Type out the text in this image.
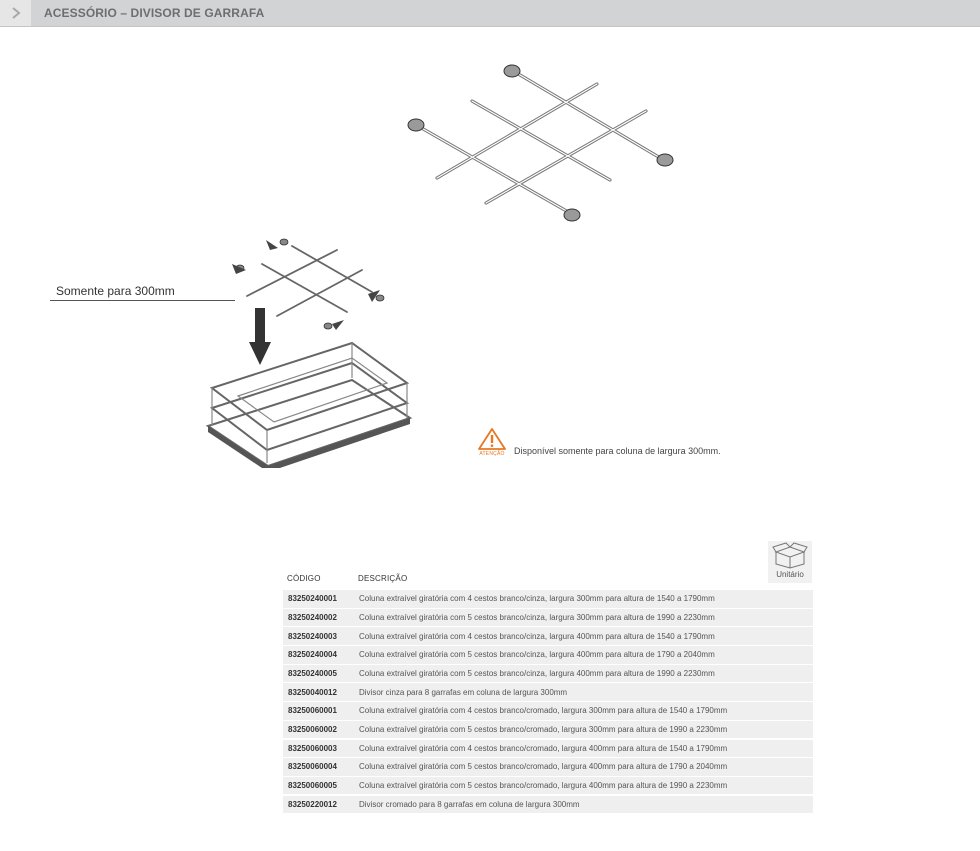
ACESSÓRIO – DIVISOR DE GARRAFA
Somente para 300mm
ATENÇÃO Disponível somente para coluna de largura 300mm.
Unitário
CÓDIGO	DESCRIÇÃO
83250240001	Coluna extraível giratória com 4 cestos branco/cinza, largura 300mm para altura de 1540 a 1790mm
83250240002	Coluna extraível giratória com 5 cestos branco/cinza, largura 300mm para altura de 1990 a 2230mm
83250240003	Coluna extraível giratória com 4 cestos branco/cinza, largura 400mm para altura de 1540 a 1790mm
83250240004	Coluna extraível giratória com 5 cestos branco/cinza, largura 400mm para altura de 1790 a 2040mm
83250240005	Coluna extraível giratória com 5 cestos branco/cinza, largura 400mm para altura de 1990 a 2230mm
83250040012	Divisor cinza para 8 garrafas em coluna de largura 300mm
83250060001	Coluna extraível giratória com 4 cestos branco/cromado, largura 300mm para altura de 1540 a 1790mm
83250060002	Coluna extraível giratória com 5 cestos branco/cromado, largura 300mm para altura de 1990 a 2230mm
83250060003	Coluna extraível giratória com 4 cestos branco/cromado, largura 400mm para altura de 1540 a 1790mm
83250060004	Coluna extraível giratória com 5 cestos branco/cromado, largura 400mm para altura de 1790 a 2040mm
83250060005	Coluna extraível giratória com 5 cestos branco/cromado, largura 400mm para altura de 1990 a 2230mm
83250220012	Divisor cromado para 8 garrafas em coluna de largura 300mm
